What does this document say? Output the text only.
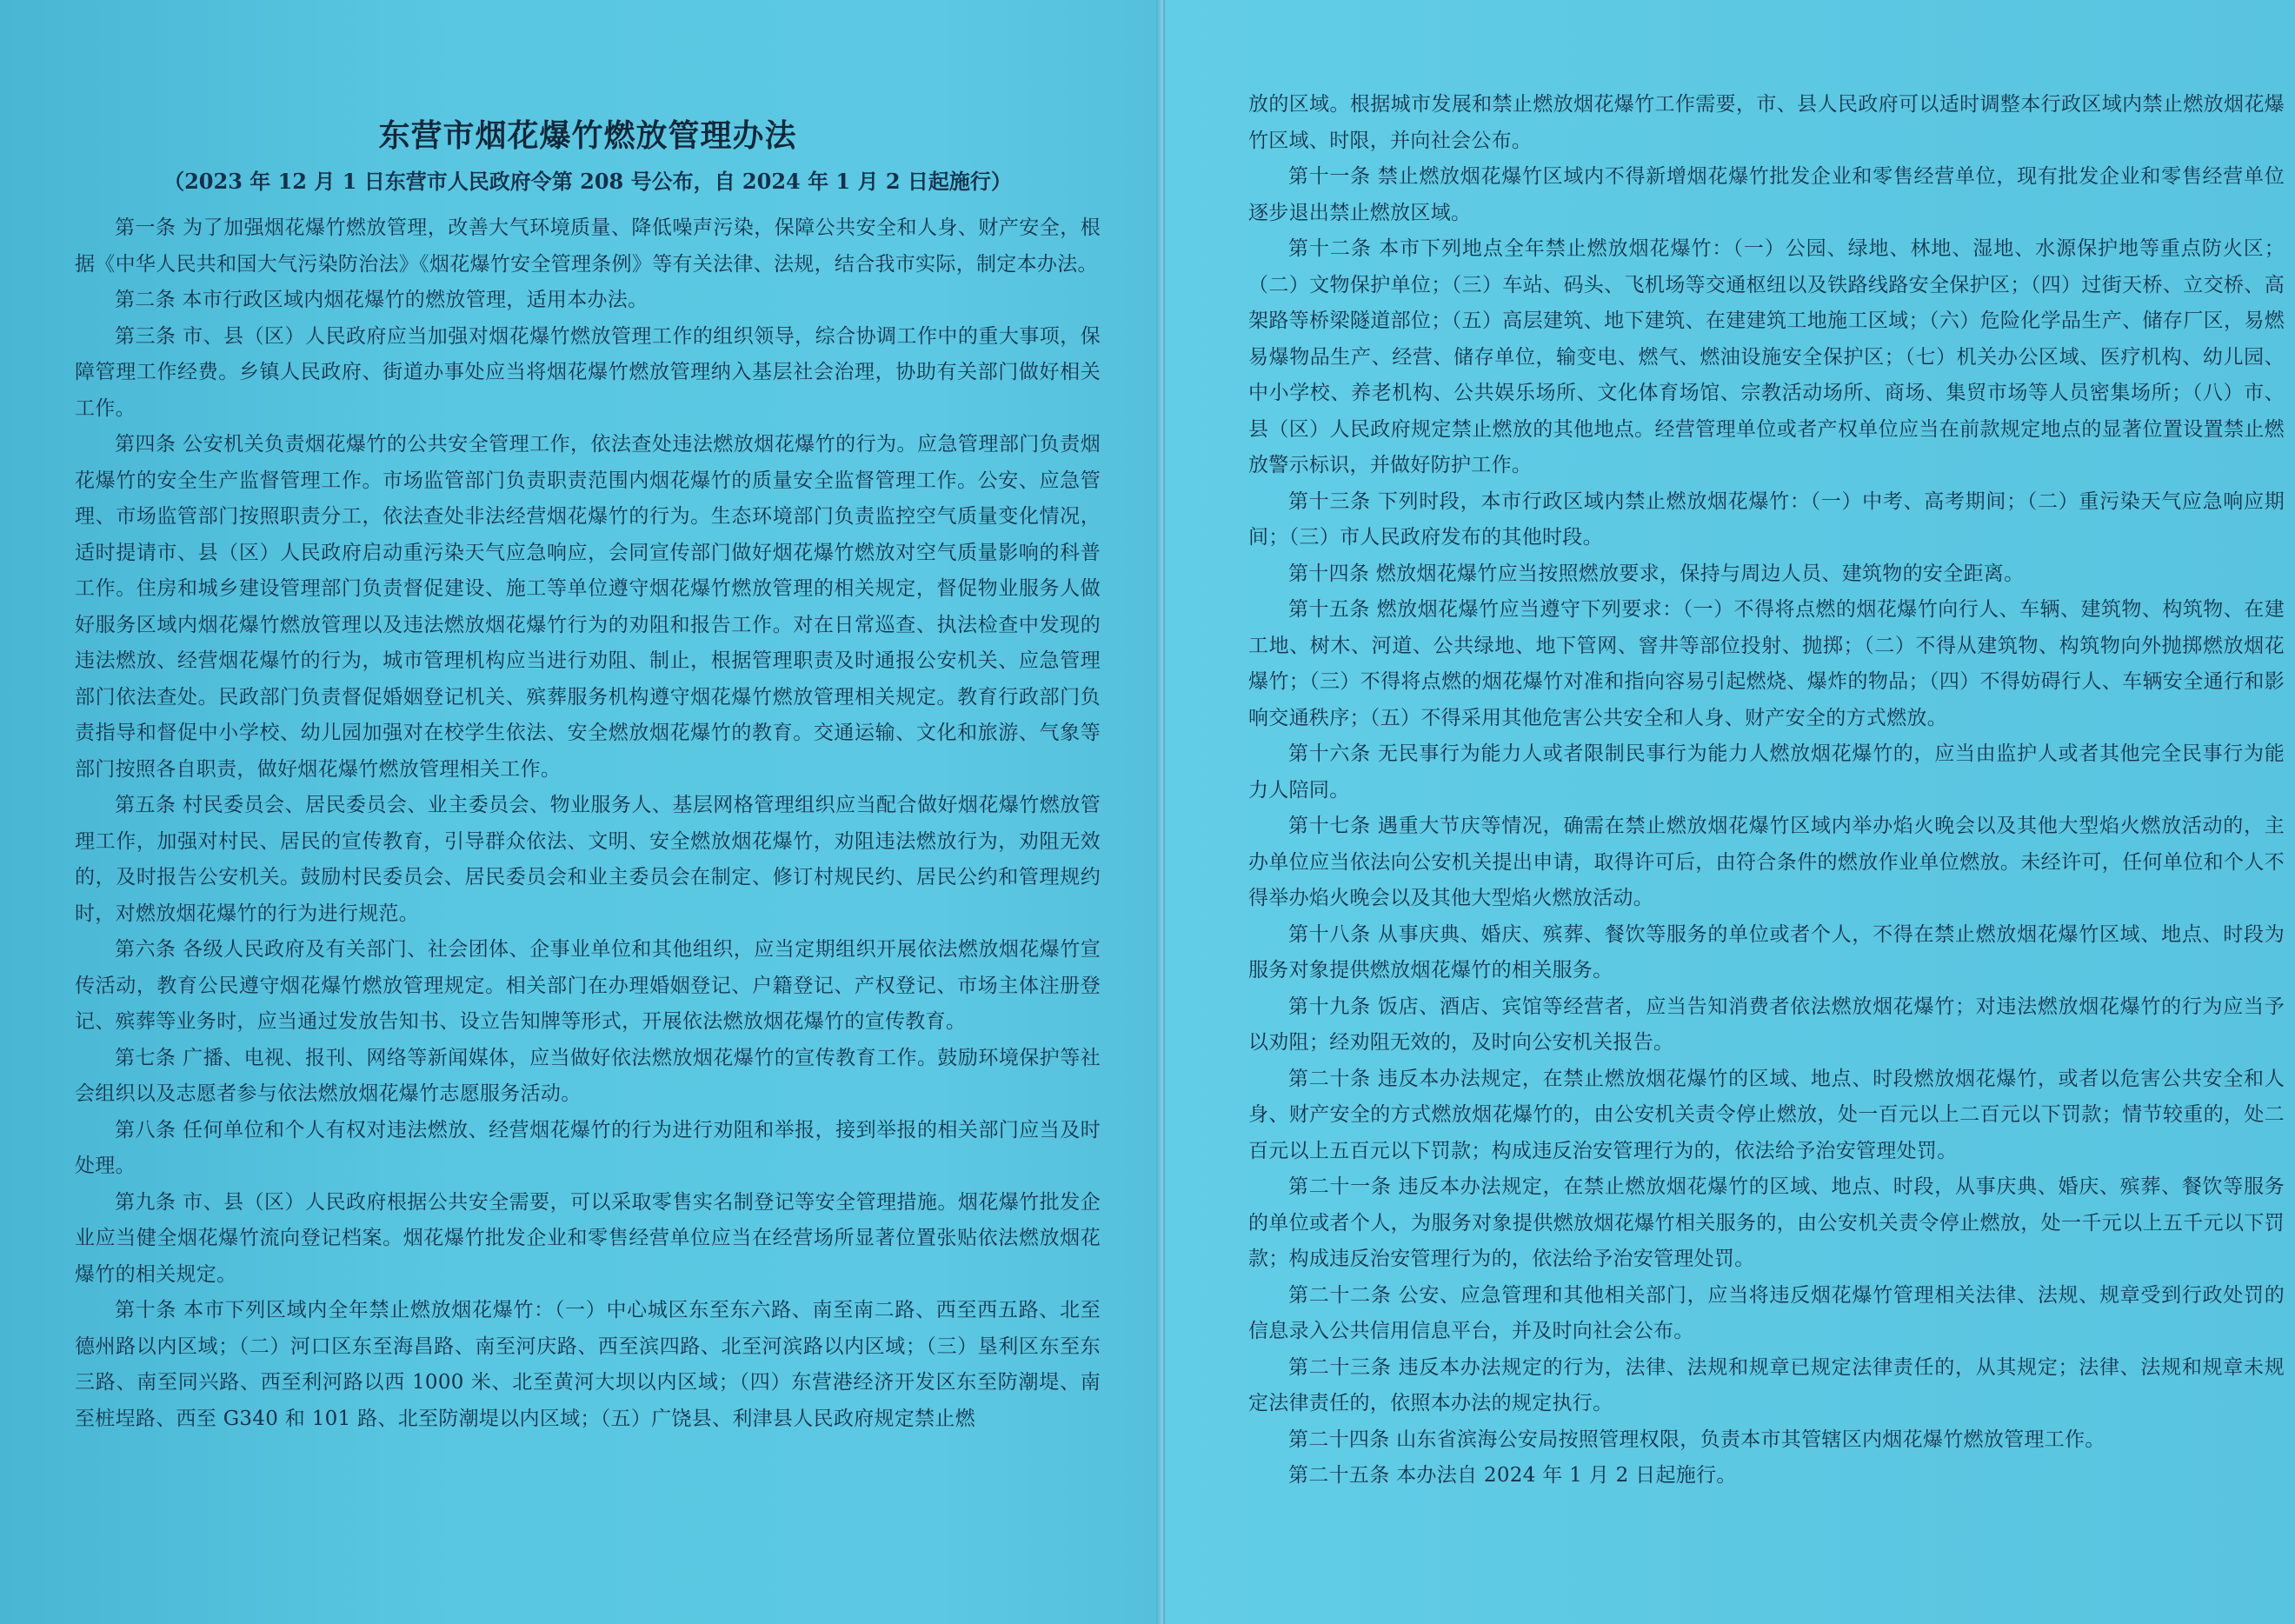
东营市烟花爆竹燃放管理办法
（2023 年 12 月 1 日东营市人民政府令第 208 号公布，自 2024 年 1 月 2 日起施行）

第一条 为了加强烟花爆竹燃放管理，改善大气环境质量、降低噪声污染，保障公共安全和人身、财产安全，根据《中华人民共和国大气污染防治法》《烟花爆竹安全管理条例》等有关法律、法规，结合我市实际，制定本办法。

第二条 本市行政区域内烟花爆竹的燃放管理，适用本办法。

第三条 市、县（区）人民政府应当加强对烟花爆竹燃放管理工作的组织领导，综合协调工作中的重大事项，保障管理工作经费。乡镇人民政府、街道办事处应当将烟花爆竹燃放管理纳入基层社会治理，协助有关部门做好相关工作。

第四条 公安机关负责烟花爆竹的公共安全管理工作，依法查处违法燃放烟花爆竹的行为。应急管理部门负责烟花爆竹的安全生产监督管理工作。市场监管部门负责职责范围内烟花爆竹的质量安全监督管理工作。公安、应急管理、市场监管部门按照职责分工，依法查处非法经营烟花爆竹的行为。生态环境部门负责监控空气质量变化情况，适时提请市、县（区）人民政府启动重污染天气应急响应，会同宣传部门做好烟花爆竹燃放对空气质量影响的科普工作。住房和城乡建设管理部门负责督促建设、施工等单位遵守烟花爆竹燃放管理的相关规定，督促物业服务人做好服务区域内烟花爆竹燃放管理以及违法燃放烟花爆竹行为的劝阻和报告工作。对在日常巡查、执法检查中发现的违法燃放、经营烟花爆竹的行为，城市管理机构应当进行劝阻、制止，根据管理职责及时通报公安机关、应急管理部门依法查处。民政部门负责督促婚姻登记机关、殡葬服务机构遵守烟花爆竹燃放管理相关规定。教育行政部门负责指导和督促中小学校、幼儿园加强对在校学生依法、安全燃放烟花爆竹的教育。交通运输、文化和旅游、气象等部门按照各自职责，做好烟花爆竹燃放管理相关工作。

第五条 村民委员会、居民委员会、业主委员会、物业服务人、基层网格管理组织应当配合做好烟花爆竹燃放管理工作，加强对村民、居民的宣传教育，引导群众依法、文明、安全燃放烟花爆竹，劝阻违法燃放行为，劝阻无效的，及时报告公安机关。鼓励村民委员会、居民委员会和业主委员会在制定、修订村规民约、居民公约和管理规约时，对燃放烟花爆竹的行为进行规范。

第六条 各级人民政府及有关部门、社会团体、企事业单位和其他组织，应当定期组织开展依法燃放烟花爆竹宣传活动，教育公民遵守烟花爆竹燃放管理规定。相关部门在办理婚姻登记、户籍登记、产权登记、市场主体注册登记、殡葬等业务时，应当通过发放告知书、设立告知牌等形式，开展依法燃放烟花爆竹的宣传教育。

第七条 广播、电视、报刊、网络等新闻媒体，应当做好依法燃放烟花爆竹的宣传教育工作。鼓励环境保护等社会组织以及志愿者参与依法燃放烟花爆竹志愿服务活动。

第八条 任何单位和个人有权对违法燃放、经营烟花爆竹的行为进行劝阻和举报，接到举报的相关部门应当及时处理。

第九条 市、县（区）人民政府根据公共安全需要，可以采取零售实名制登记等安全管理措施。烟花爆竹批发企业应当健全烟花爆竹流向登记档案。烟花爆竹批发企业和零售经营单位应当在经营场所显著位置张贴依法燃放烟花爆竹的相关规定。

第十条 本市下列区域内全年禁止燃放烟花爆竹：（一）中心城区东至东六路、南至南二路、西至西五路、北至德州路以内区域；（二）河口区东至海昌路、南至河庆路、西至滨四路、北至河滨路以内区域；（三）垦利区东至东三路、南至同兴路、西至利河路以西 1000 米、北至黄河大坝以内区域；（四）东营港经济开发区东至防潮堤、南至桩埕路、西至 G340 和 101 路、北至防潮堤以内区域；（五）广饶县、利津县人民政府规定禁止燃

放的区域。根据城市发展和禁止燃放烟花爆竹工作需要，市、县人民政府可以适时调整本行政区域内禁止燃放烟花爆竹区域、时限，并向社会公布。

第十一条 禁止燃放烟花爆竹区域内不得新增烟花爆竹批发企业和零售经营单位，现有批发企业和零售经营单位逐步退出禁止燃放区域。

第十二条 本市下列地点全年禁止燃放烟花爆竹：（一）公园、绿地、林地、湿地、水源保护地等重点防火区；（二）文物保护单位；（三）车站、码头、飞机场等交通枢纽以及铁路线路安全保护区；（四）过街天桥、立交桥、高架路等桥梁隧道部位；（五）高层建筑、地下建筑、在建建筑工地施工区域；（六）危险化学品生产、储存厂区，易燃易爆物品生产、经营、储存单位，输变电、燃气、燃油设施安全保护区；（七）机关办公区域、医疗机构、幼儿园、中小学校、养老机构、公共娱乐场所、文化体育场馆、宗教活动场所、商场、集贸市场等人员密集场所；（八）市、县（区）人民政府规定禁止燃放的其他地点。经营管理单位或者产权单位应当在前款规定地点的显著位置设置禁止燃放警示标识，并做好防护工作。

第十三条 下列时段，本市行政区域内禁止燃放烟花爆竹：（一）中考、高考期间；（二）重污染天气应急响应期间；（三）市人民政府发布的其他时段。

第十四条 燃放烟花爆竹应当按照燃放要求，保持与周边人员、建筑物的安全距离。

第十五条 燃放烟花爆竹应当遵守下列要求：（一）不得将点燃的烟花爆竹向行人、车辆、建筑物、构筑物、在建工地、树木、河道、公共绿地、地下管网、窨井等部位投射、抛掷；（二）不得从建筑物、构筑物向外抛掷燃放烟花爆竹；（三）不得将点燃的烟花爆竹对准和指向容易引起燃烧、爆炸的物品；（四）不得妨碍行人、车辆安全通行和影响交通秩序；（五）不得采用其他危害公共安全和人身、财产安全的方式燃放。

第十六条 无民事行为能力人或者限制民事行为能力人燃放烟花爆竹的，应当由监护人或者其他完全民事行为能力人陪同。

第十七条 遇重大节庆等情况，确需在禁止燃放烟花爆竹区域内举办焰火晚会以及其他大型焰火燃放活动的，主办单位应当依法向公安机关提出申请，取得许可后，由符合条件的燃放作业单位燃放。未经许可，任何单位和个人不得举办焰火晚会以及其他大型焰火燃放活动。

第十八条 从事庆典、婚庆、殡葬、餐饮等服务的单位或者个人，不得在禁止燃放烟花爆竹区域、地点、时段为服务对象提供燃放烟花爆竹的相关服务。

第十九条 饭店、酒店、宾馆等经营者，应当告知消费者依法燃放烟花爆竹；对违法燃放烟花爆竹的行为应当予以劝阻；经劝阻无效的，及时向公安机关报告。

第二十条 违反本办法规定，在禁止燃放烟花爆竹的区域、地点、时段燃放烟花爆竹，或者以危害公共安全和人身、财产安全的方式燃放烟花爆竹的，由公安机关责令停止燃放，处一百元以上二百元以下罚款；情节较重的，处二百元以上五百元以下罚款；构成违反治安管理行为的，依法给予治安管理处罚。

第二十一条 违反本办法规定，在禁止燃放烟花爆竹的区域、地点、时段，从事庆典、婚庆、殡葬、餐饮等服务的单位或者个人，为服务对象提供燃放烟花爆竹相关服务的，由公安机关责令停止燃放，处一千元以上五千元以下罚款；构成违反治安管理行为的，依法给予治安管理处罚。

第二十二条 公安、应急管理和其他相关部门，应当将违反烟花爆竹管理相关法律、法规、规章受到行政处罚的信息录入公共信用信息平台，并及时向社会公布。

第二十三条 违反本办法规定的行为，法律、法规和规章已规定法律责任的，从其规定；法律、法规和规章未规定法律责任的，依照本办法的规定执行。

第二十四条 山东省滨海公安局按照管理权限，负责本市其管辖区内烟花爆竹燃放管理工作。

第二十五条 本办法自 2024 年 1 月 2 日起施行。
